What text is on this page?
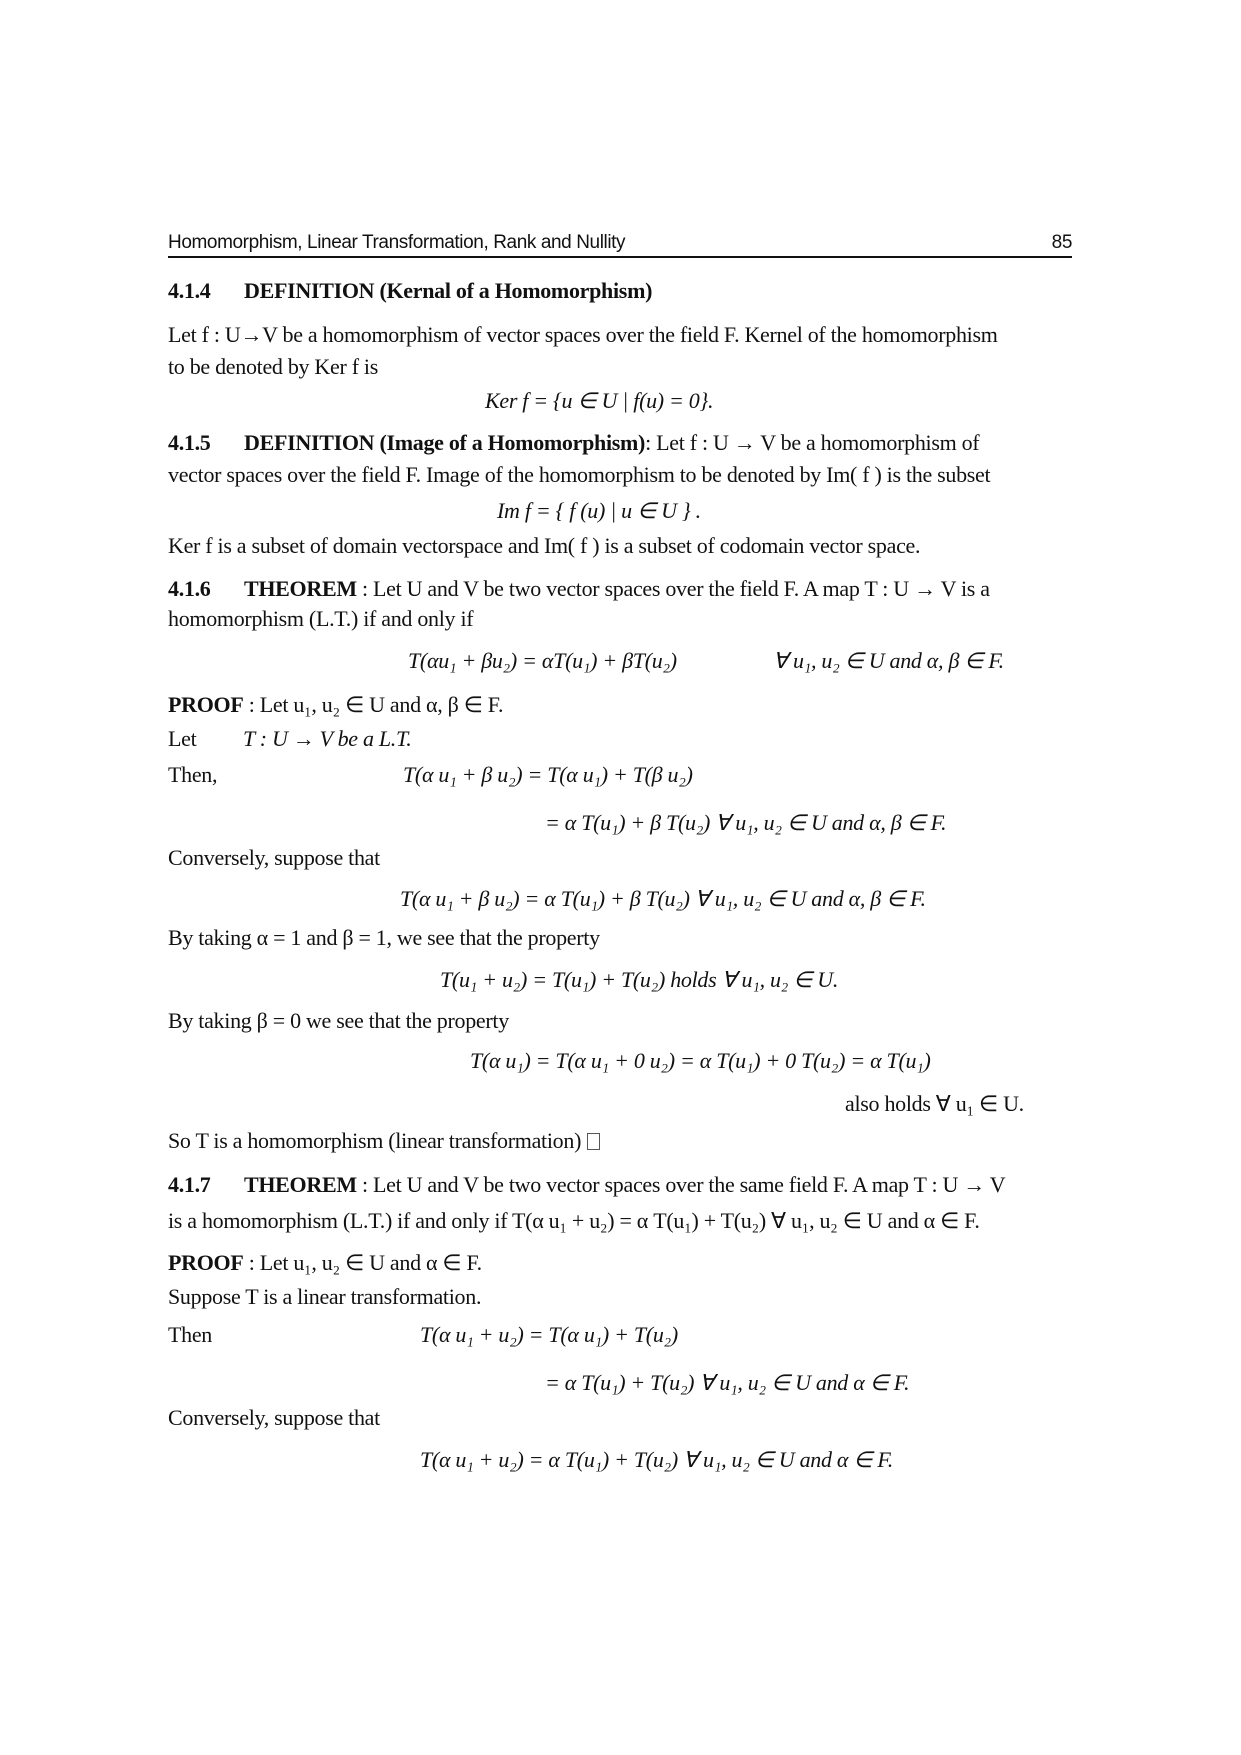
Homomorphism, Linear Transformation, Rank and Nullity	85
4.1.4 DEFINITION (Kernal of a Homomorphism)
Let f : U→V be a homomorphism of vector spaces over the field F. Kernel of the homomorphism
to be denoted by Ker f is
Ker f = {u ∈ U | f(u) = 0}.
4.1.5 DEFINITION (Image of a Homomorphism): Let f : U → V be a homomorphism of
vector spaces over the field F. Image of the homomorphism to be denoted by Im( f ) is the subset
Im f = { f (u) | u ∈ U } .
Ker f is a subset of domain vectorspace and Im( f ) is a subset of codomain vector space.
4.1.6 THEOREM : Let U and V be two vector spaces over the field F. A map T : U → V is a
homomorphism (L.T.) if and only if
T(αu₁ + βu₂) = αT(u₁) + βT(u₂)	∀ u₁, u₂ ∈ U and α, β ∈ F.
PROOF : Let u₁, u₂ ∈ U and α, β ∈ F.
Let T : U → V be a L.T.
Then,	T(α u₁ + β u₂) = T(α u₁) + T(β u₂)
= α T(u₁) + β T(u₂) ∀ u₁, u₂ ∈ U and α, β ∈ F.
Conversely, suppose that
T(α u₁ + β u₂) = α T(u₁) + β T(u₂) ∀ u₁, u₂ ∈ U and α, β ∈ F.
By taking α = 1 and β = 1, we see that the property
T(u₁ + u₂) = T(u₁) + T(u₂) holds ∀ u₁, u₂ ∈ U.
By taking β = 0 we see that the property
T(α u₁) = T(α u₁ + 0 u₂) = α T(u₁) + 0 T(u₂) = α T(u₁)
also holds ∀ u₁ ∈ U.
So T is a homomorphism (linear transformation)
4.1.7 THEOREM : Let U and V be two vector spaces over the same field F. A map T : U → V
is a homomorphism (L.T.) if and only if T(α u₁ + u₂) = α T(u₁) + T(u₂) ∀ u₁, u₂ ∈ U and α ∈ F.
PROOF : Let u₁, u₂ ∈ U and α ∈ F.
Suppose T is a linear transformation.
Then	T(α u₁ + u₂) = T(α u₁) + T(u₂)
= α T(u₁) + T(u₂) ∀ u₁, u₂ ∈ U and α ∈ F.
Conversely, suppose that
T(α u₁ + u₂) = α T(u₁) + T(u₂) ∀ u₁, u₂ ∈ U and α ∈ F.
